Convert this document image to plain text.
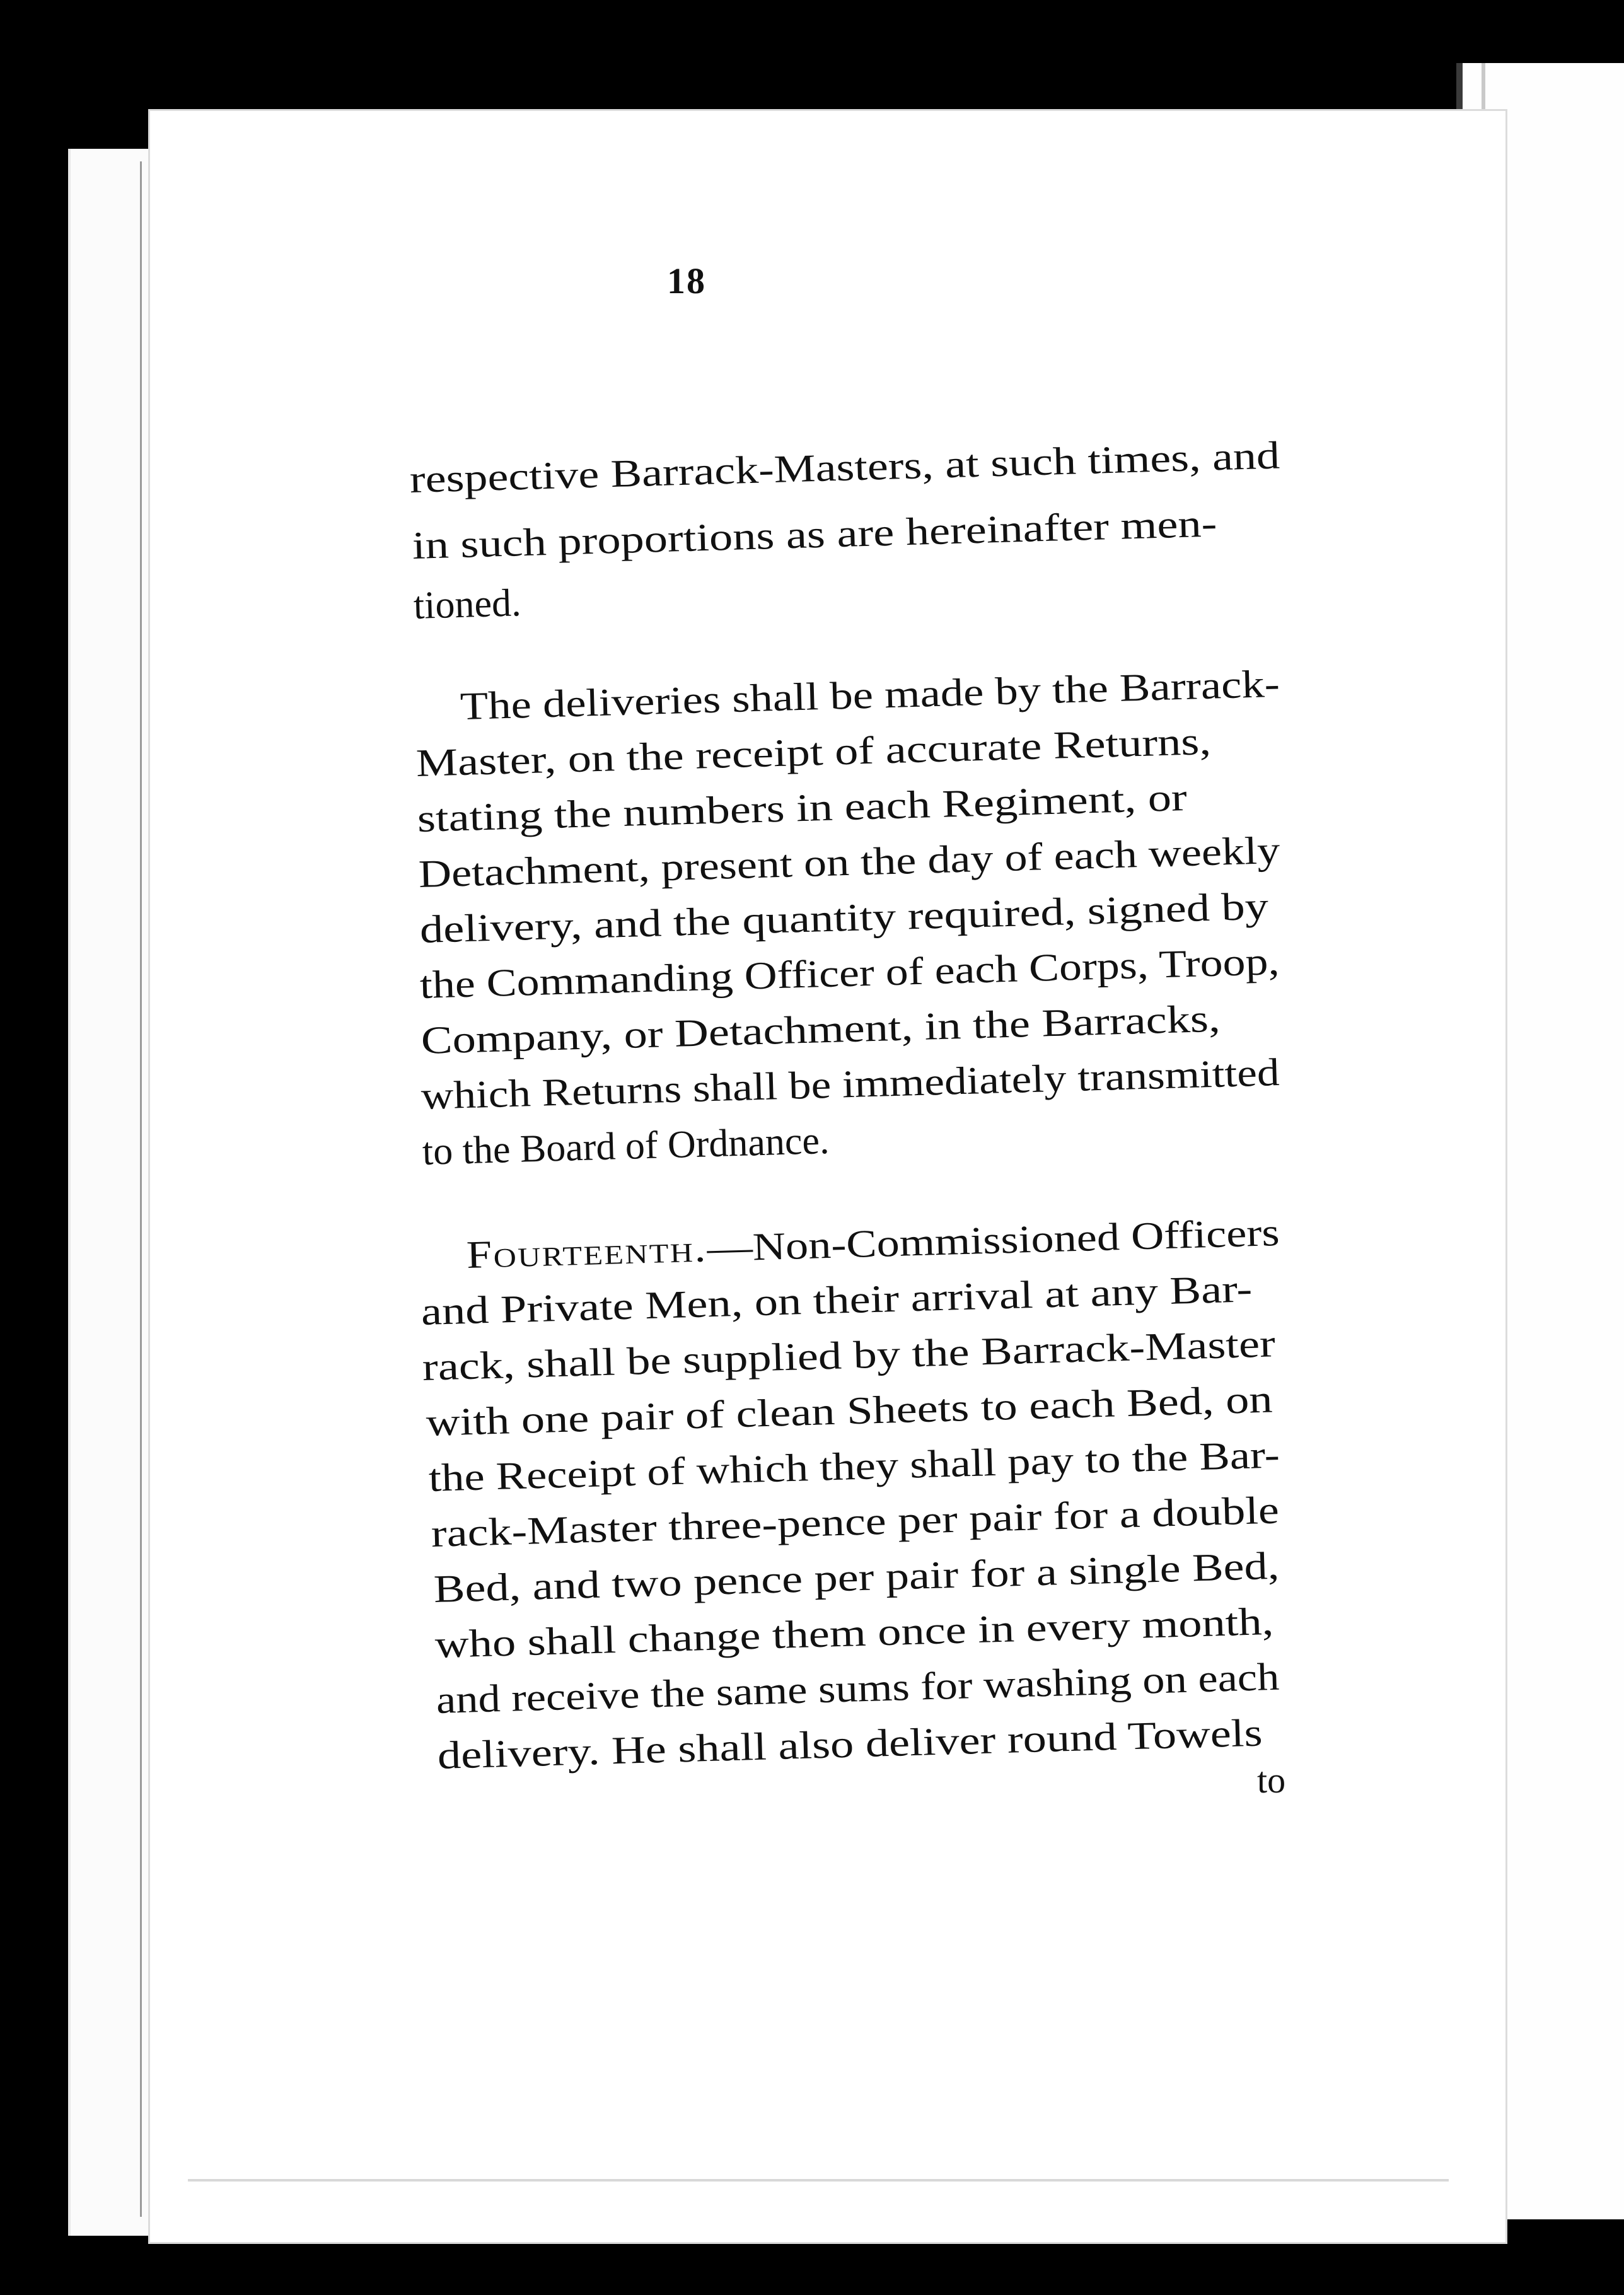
18
respective Barrack-Masters, at such times, and
in such proportions as are hereinafter men-
tioned.
The deliveries shall be made by the Barrack-
Master, on the receipt of accurate Returns,
stating the numbers in each Regiment, or
Detachment, present on the day of each weekly
delivery, and the quantity required, signed by
the Commanding Officer of each Corps, Troop,
Company, or Detachment, in the Barracks,
which Returns shall be immediately transmitted
to the Board of Ordnance.
Fourteenth.—Non-Commissioned Officers
and Private Men, on their arrival at any Bar-
rack, shall be supplied by the Barrack-Master
with one pair of clean Sheets to each Bed, on
the Receipt of which they shall pay to the Bar-
rack-Master three-pence per pair for a double
Bed, and two pence per pair for a single Bed,
who shall change them once in every month,
and receive the same sums for washing on each
delivery. He shall also deliver round Towels
to
